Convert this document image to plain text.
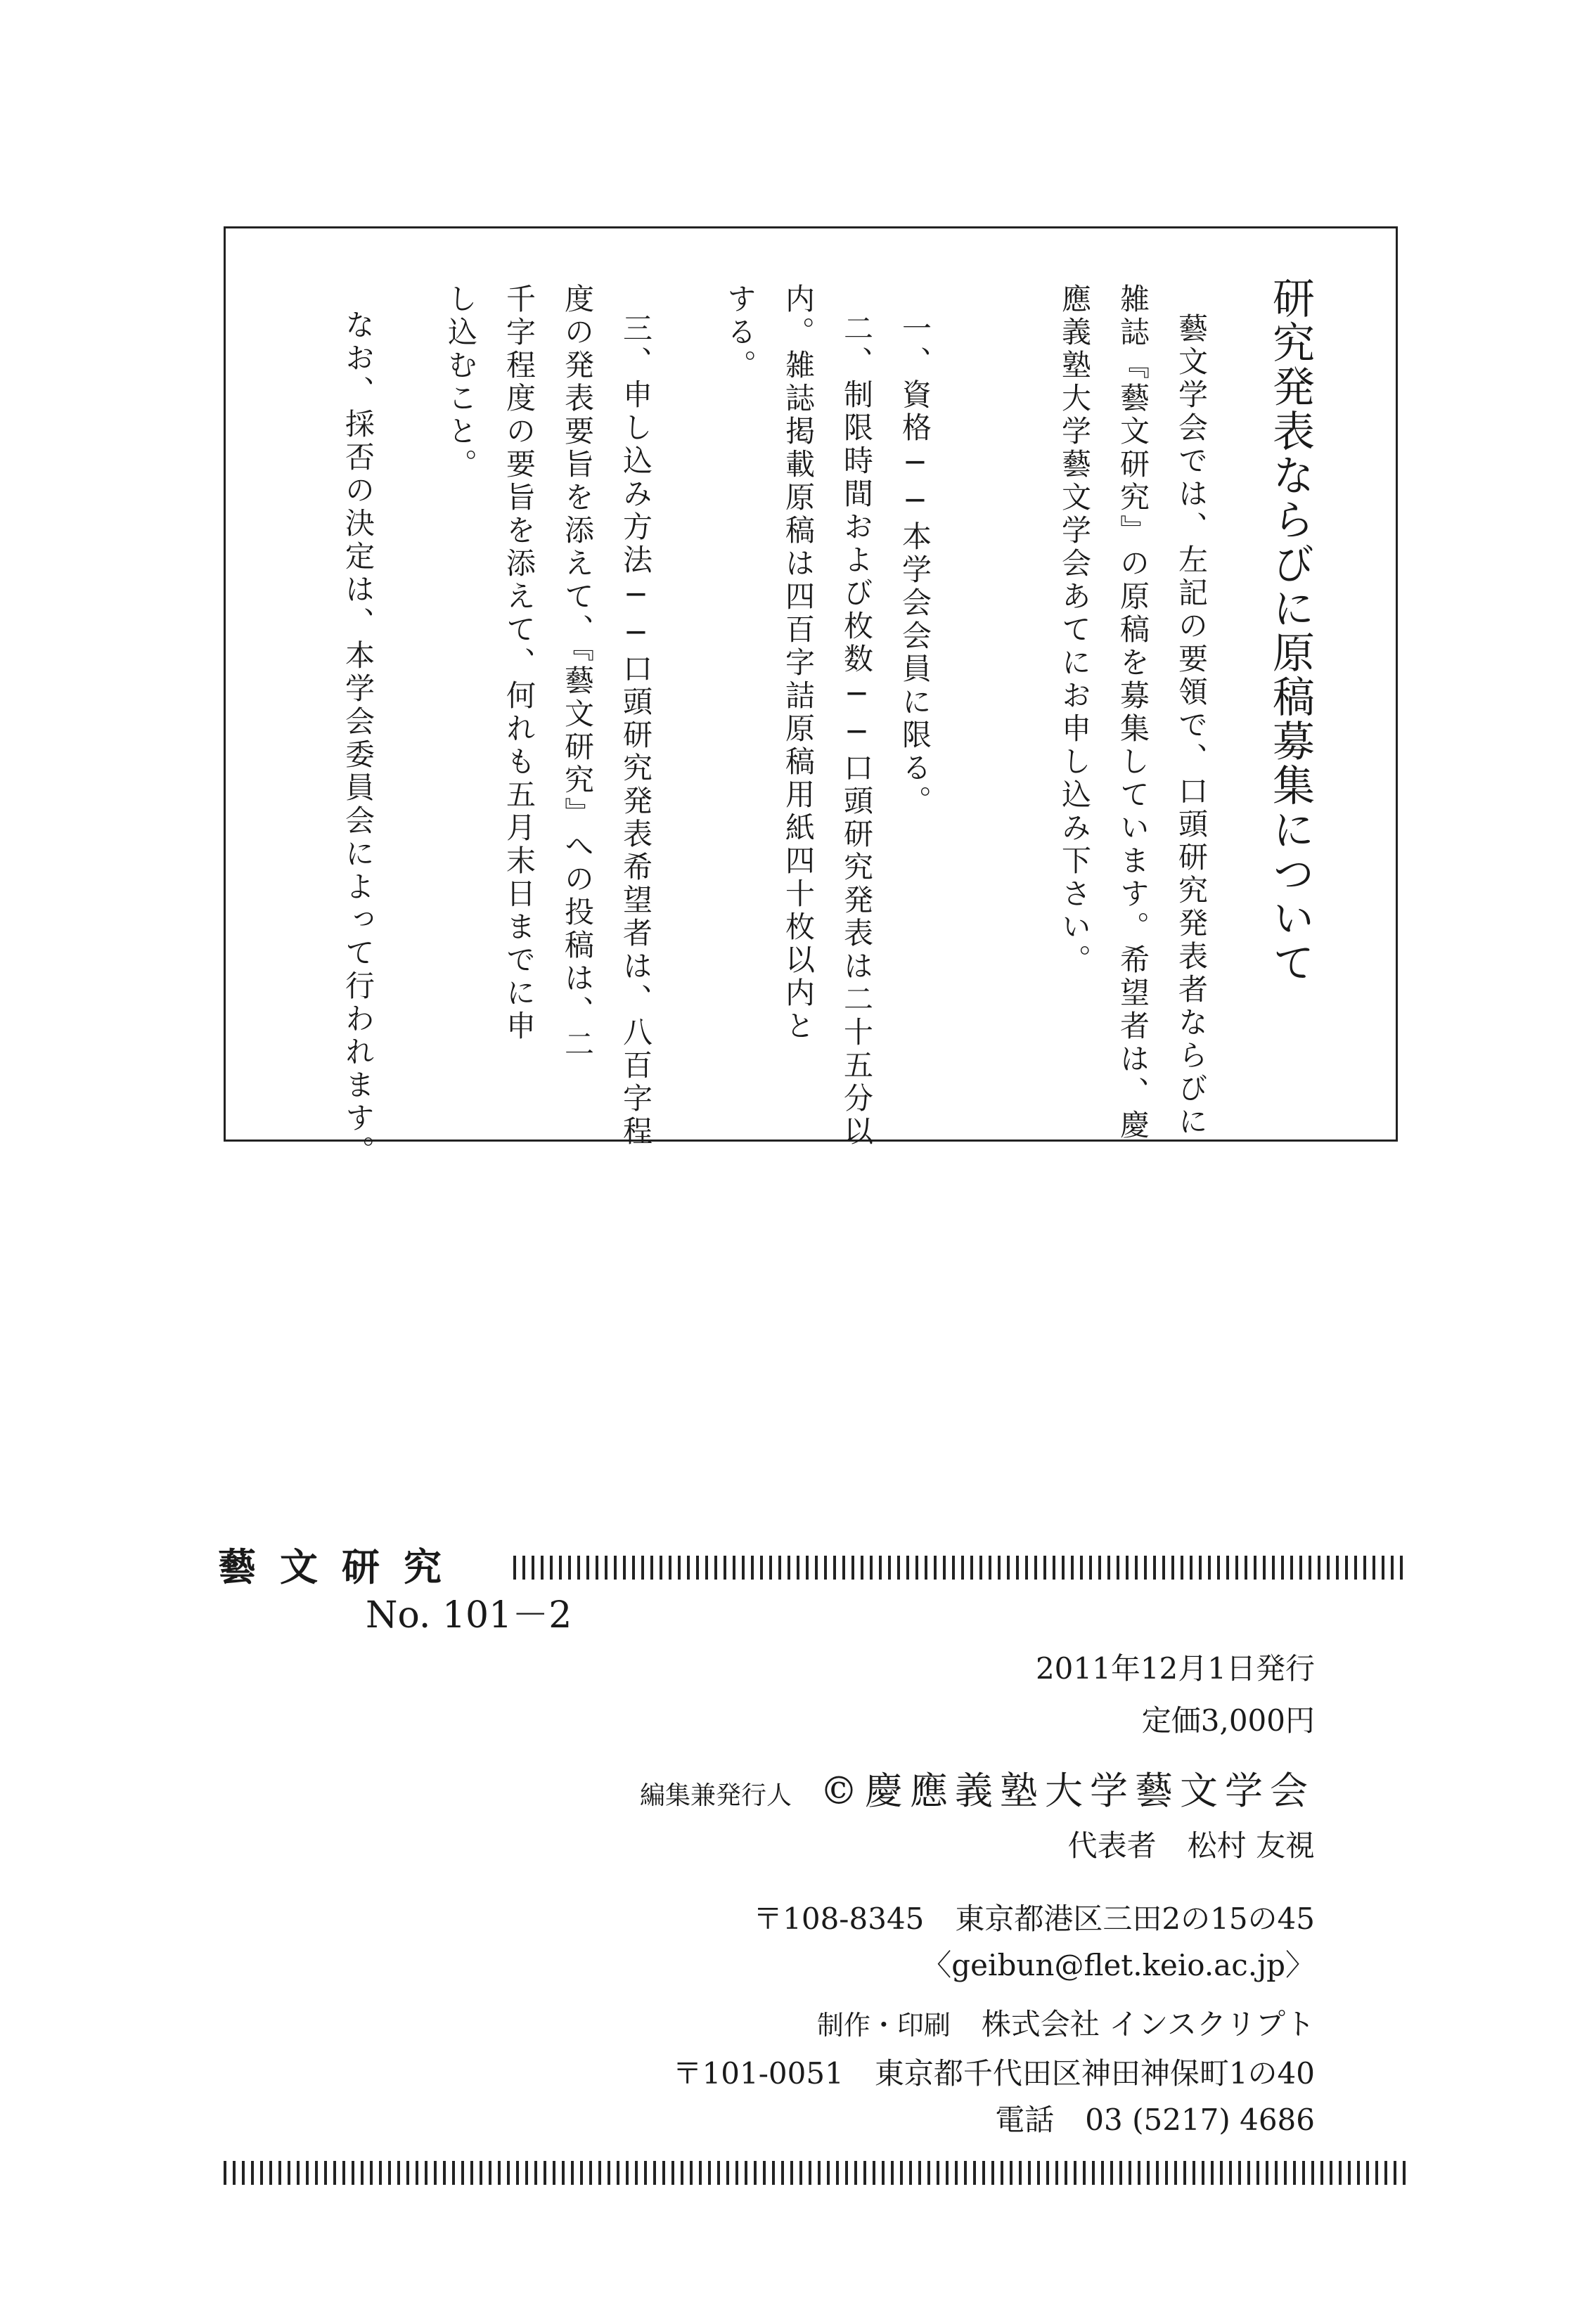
研究発表ならびに原稿募集について
藝文学会では、左記の要領で、口頭研究発表者ならびに
雑誌『藝文研究』の原稿を募集しています。希望者は、慶
應義塾大学藝文学会あてにお申し込み下さい。
一、資格──本学会会員に限る。
二、制限時間および枚数──口頭研究発表は二十五分以
内。雑誌掲載原稿は四百字詰原稿用紙四十枚以内と
する。
三、申し込み方法──口頭研究発表希望者は、八百字程
度の発表要旨を添えて、『藝文研究』への投稿は、二
千字程度の要旨を添えて、何れも五月末日までに申
し込むこと。
なお、採否の決定は、本学会委員会によって行われます。
藝文研究
No. 101－2
2011年12月1日発行
定価3,000円
編集兼発行人 ©慶應義塾大学藝文学会
代表者 松村 友視
〒108-8345 東京都港区三田2の15の45
〈geibun@flet.keio.ac.jp〉
制作・印刷 株式会社 インスクリプト
〒101-0051 東京都千代田区神田神保町1の40
電話 03 (5217) 4686
